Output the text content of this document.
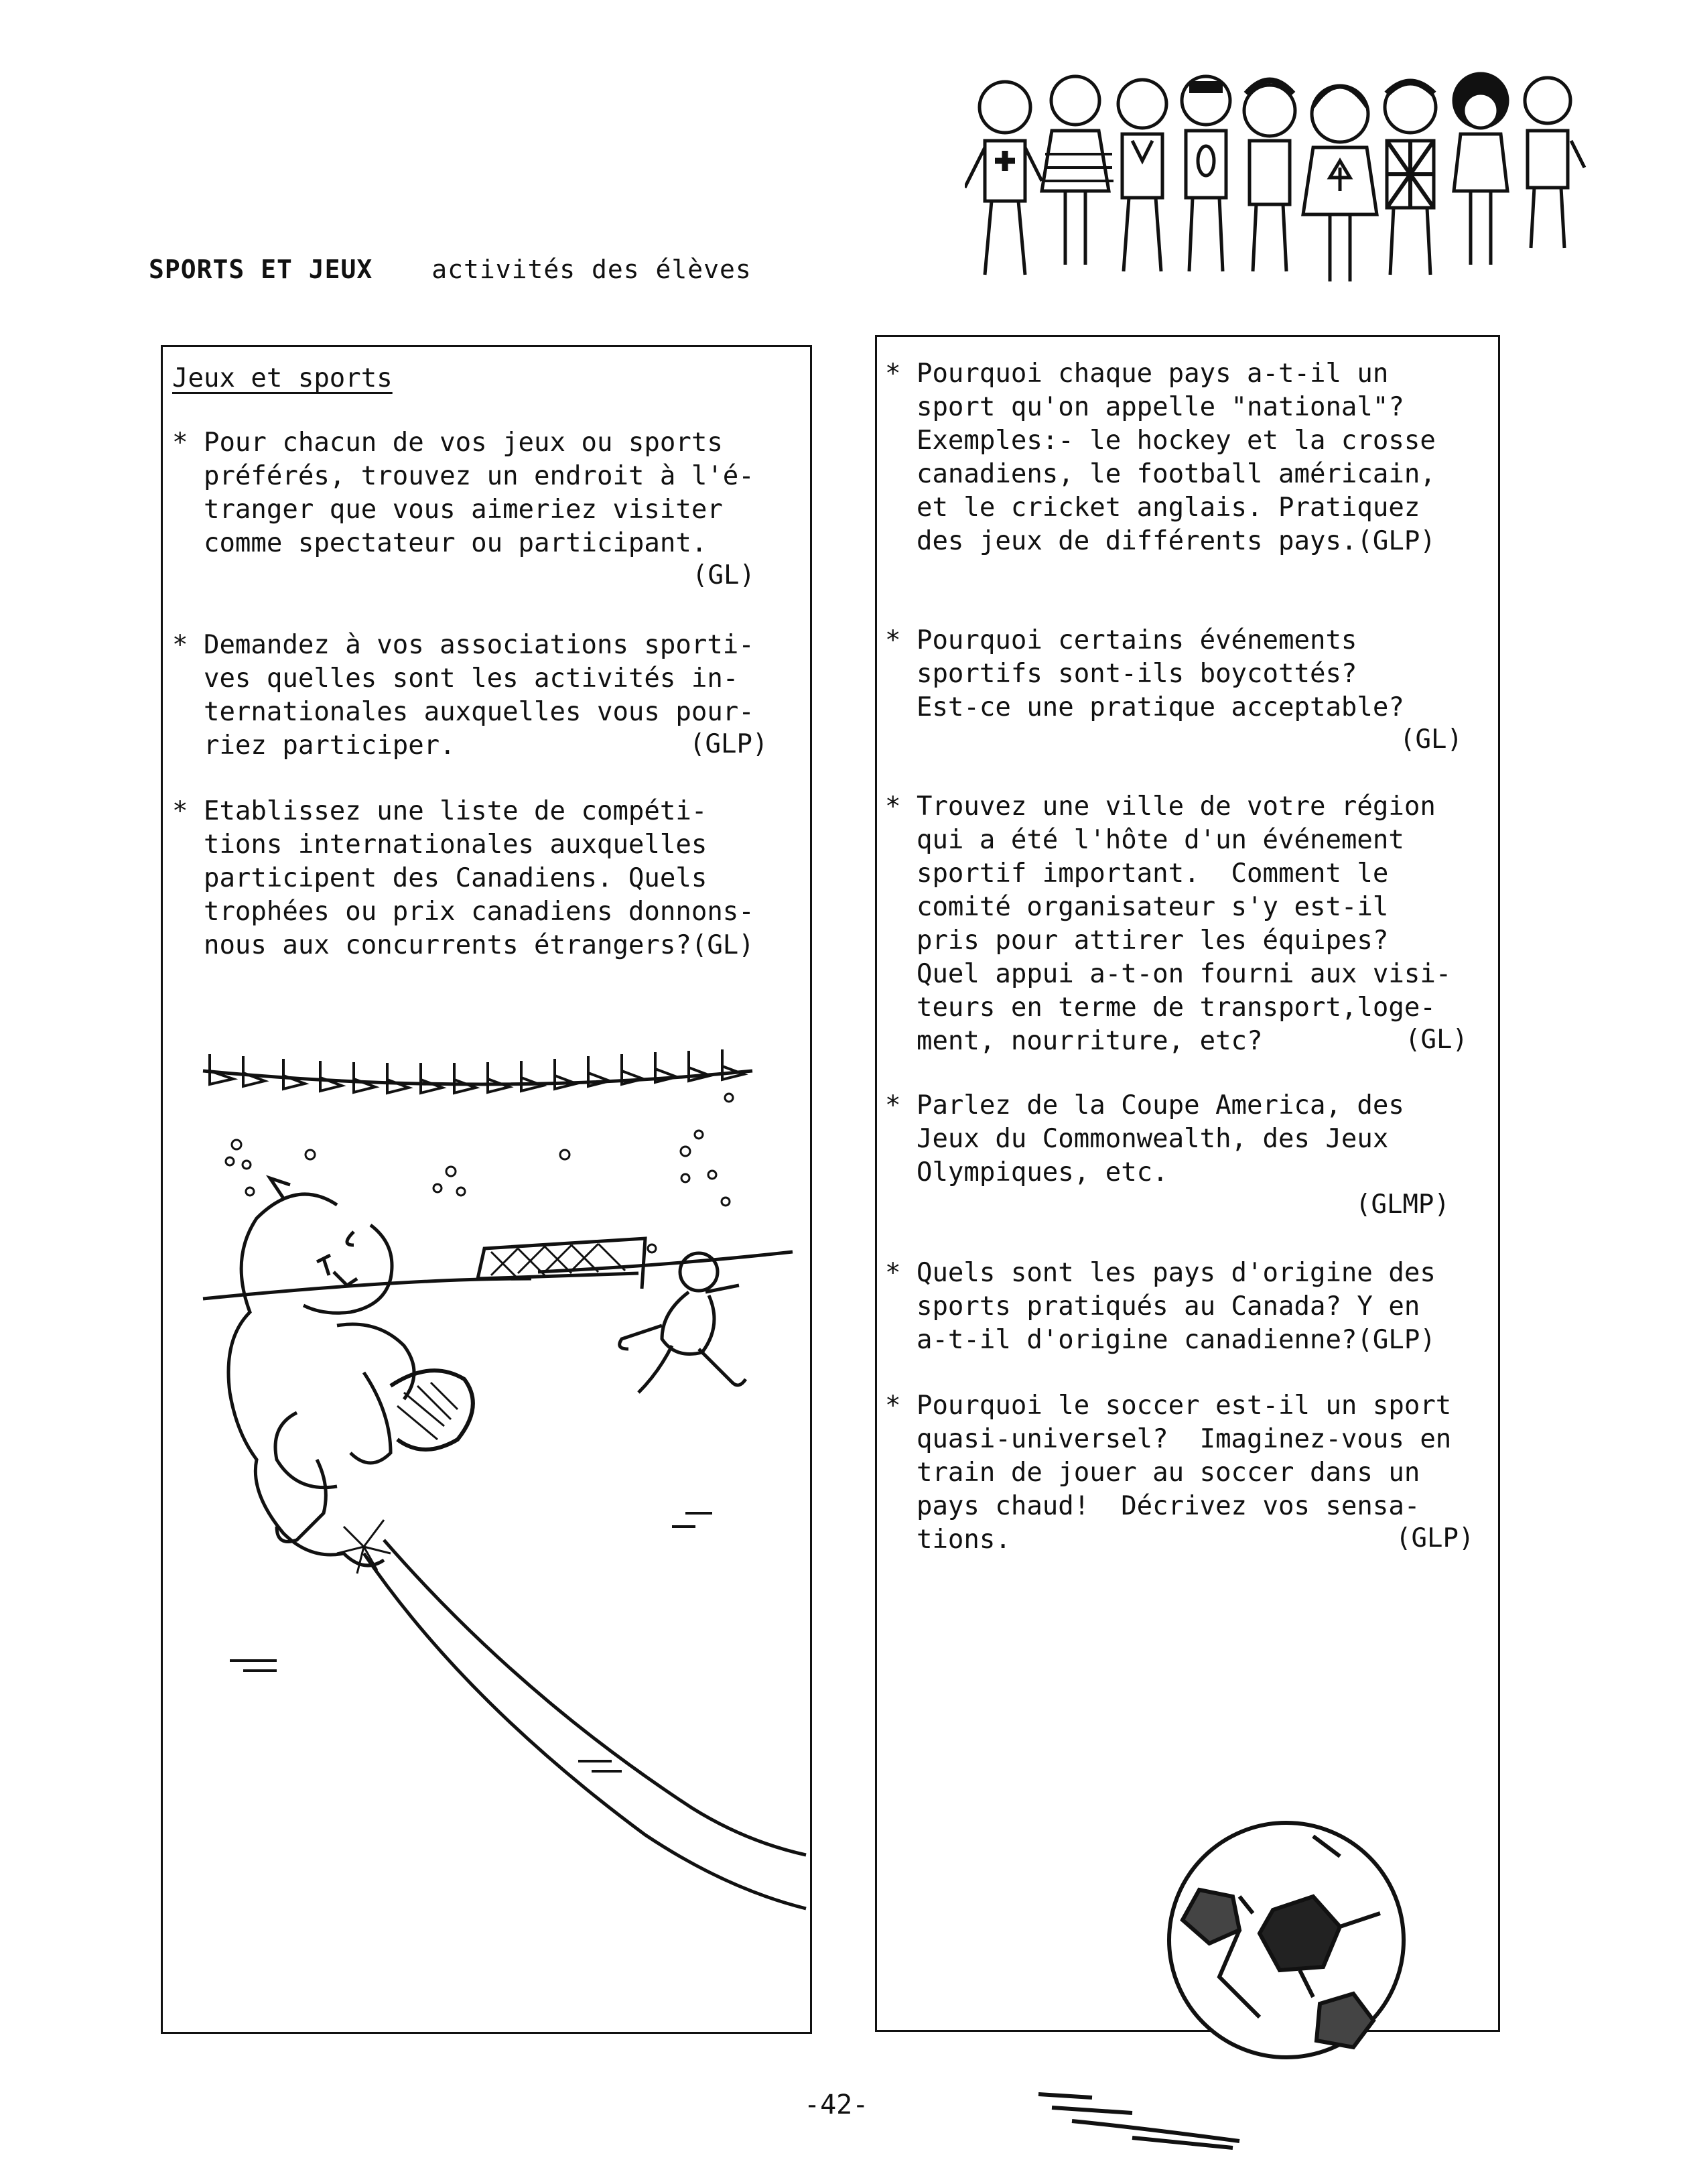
SPORTS ET JEUX activités des élèves
Jeux et sports
* Pour chacun de vos jeux ou sports
préférés, trouvez un endroit à l'é-
tranger que vous aimeriez visiter
comme spectateur ou participant.
(GL)
* Demandez à vos associations sporti-
ves quelles sont les activités in-
ternationales auxquelles vous pour-
riez participer.	(GLP)
* Etablissez une liste de compéti-
tions internationales auxquelles
participent des Canadiens. Quels
trophées ou prix canadiens donnons-
nous aux concurrents étrangers?(GL)
* Pourquoi chaque pays a-t-il un
sport qu'on appelle "national"?
Exemples:- le hockey et la crosse
canadiens, le football américain,
et le cricket anglais. Pratiquez
des jeux de différents pays.(GLP)
* Pourquoi certains événements
sportifs sont-ils boycottés?
Est-ce une pratique acceptable?
(GL)
* Trouvez une ville de votre région
qui a été l'hôte d'un événement
sportif important.  Comment le
comité organisateur s'y est-il
pris pour attirer les équipes?
Quel appui a-t-on fourni aux visi-
teurs en terme de transport,loge-
ment, nourriture, etc?	(GL)
* Parlez de la Coupe America, des
Jeux du Commonwealth, des Jeux
Olympiques, etc.
(GLMP)
* Quels sont les pays d'origine des
sports pratiqués au Canada? Y en
a-t-il d'origine canadienne?(GLP)
* Pourquoi le soccer est-il un sport
quasi-universel?  Imaginez-vous en
train de jouer au soccer dans un
pays chaud!  Décrivez vos sensa-
tions.	(GLP)
-42-
